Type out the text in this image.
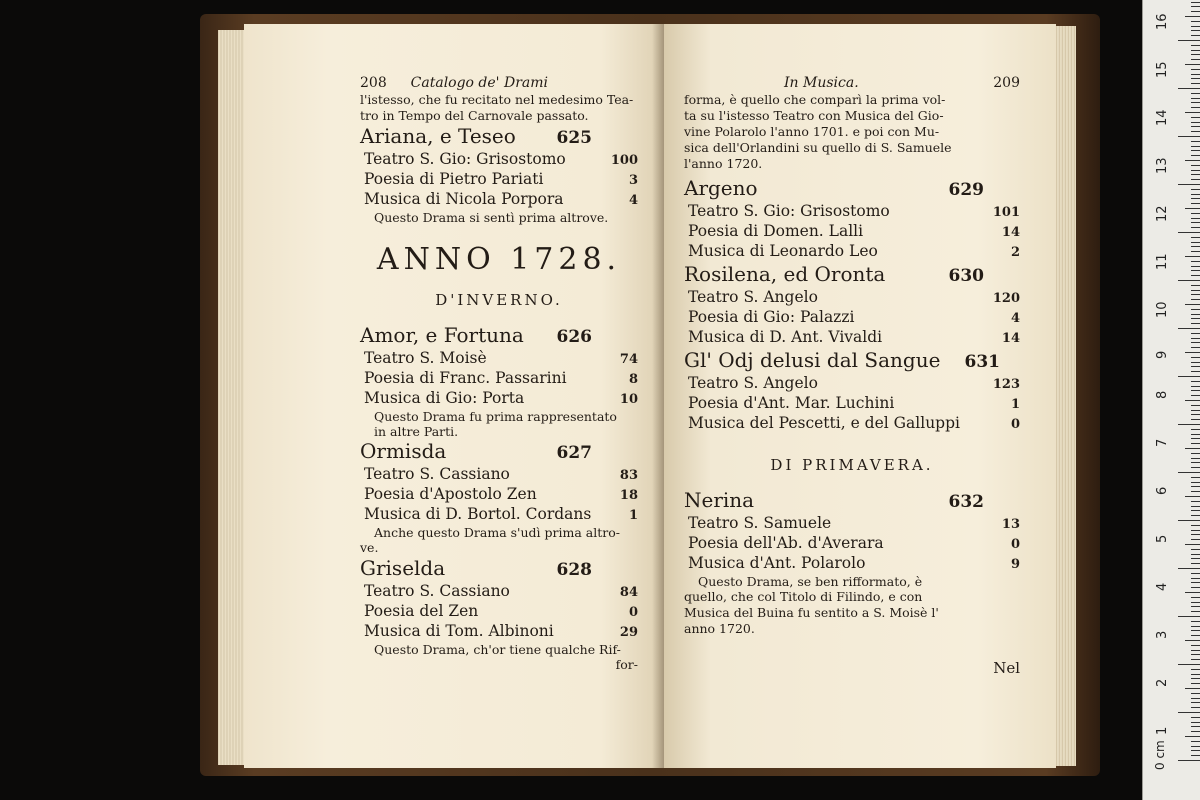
208 Catalogo de' Drami
l'istesso, che fu recitato nel medesimo Tea-
tro in Tempo del Carnovale passato.
Ariana, e Teseo 625
Teatro S. Gio: Grisostomo	100
Poesia di Pietro Pariati	3
Musica di Nicola Porpora	4
Questo Drama si sentì prima altrove.
ANNO 1728.
D'INVERNO.
Amor, e Fortuna 626
Teatro S. Moisè	74
Poesia di Franc. Passarini	8
Musica di Gio: Porta	10
Questo Drama fu prima rappresentato
in altre Parti.
Ormisda	627
Teatro S. Cassiano	83
Poesia d'Apostolo Zen	18
Musica di D. Bortol. Cordans	1
Anche questo Drama s'udì prima altro-
ve.
Griselda	628
Teatro S. Cassiano	84
Poesia del Zen	0
Musica di Tom. Albinoni	29
Questo Drama, ch'or tiene qualche Rif-
for-
In Musica.	209
forma, è quello che comparì la prima vol-
ta su l'istesso Teatro con Musica del Gio-
vine Polarolo l'anno 1701. e poi con Mu-
sica dell'Orlandini su quello di S. Samuele
l'anno 1720.
Argeno	629
Teatro S. Gio: Grisostomo	101
Poesia di Domen. Lalli	14
Musica di Leonardo Leo	2
Rosilena, ed Oronta	630
Teatro S. Angelo	120
Poesia di Gio: Palazzi	4
Musica di D. Ant. Vivaldi	14
Gl' Odj delusi dal Sangue 631
Teatro S. Angelo	123
Poesia d'Ant. Mar. Luchini	1
Musica del Pescetti, e del Galluppi	0
DI PRIMAVERA.
Nerina	632
Teatro S. Samuele	13
Poesia dell'Ab. d'Averara	0
Musica d'Ant. Polarolo	9
Questo Drama, se ben rifformato, è
quello, che col Titolo di Filindo, e con
Musica del Buina fu sentito a S. Moisè l'
anno 1720.
Nel
0 cm
1
2
3
4
5
6
7
8
9
10
11
12
13
14
15
16
